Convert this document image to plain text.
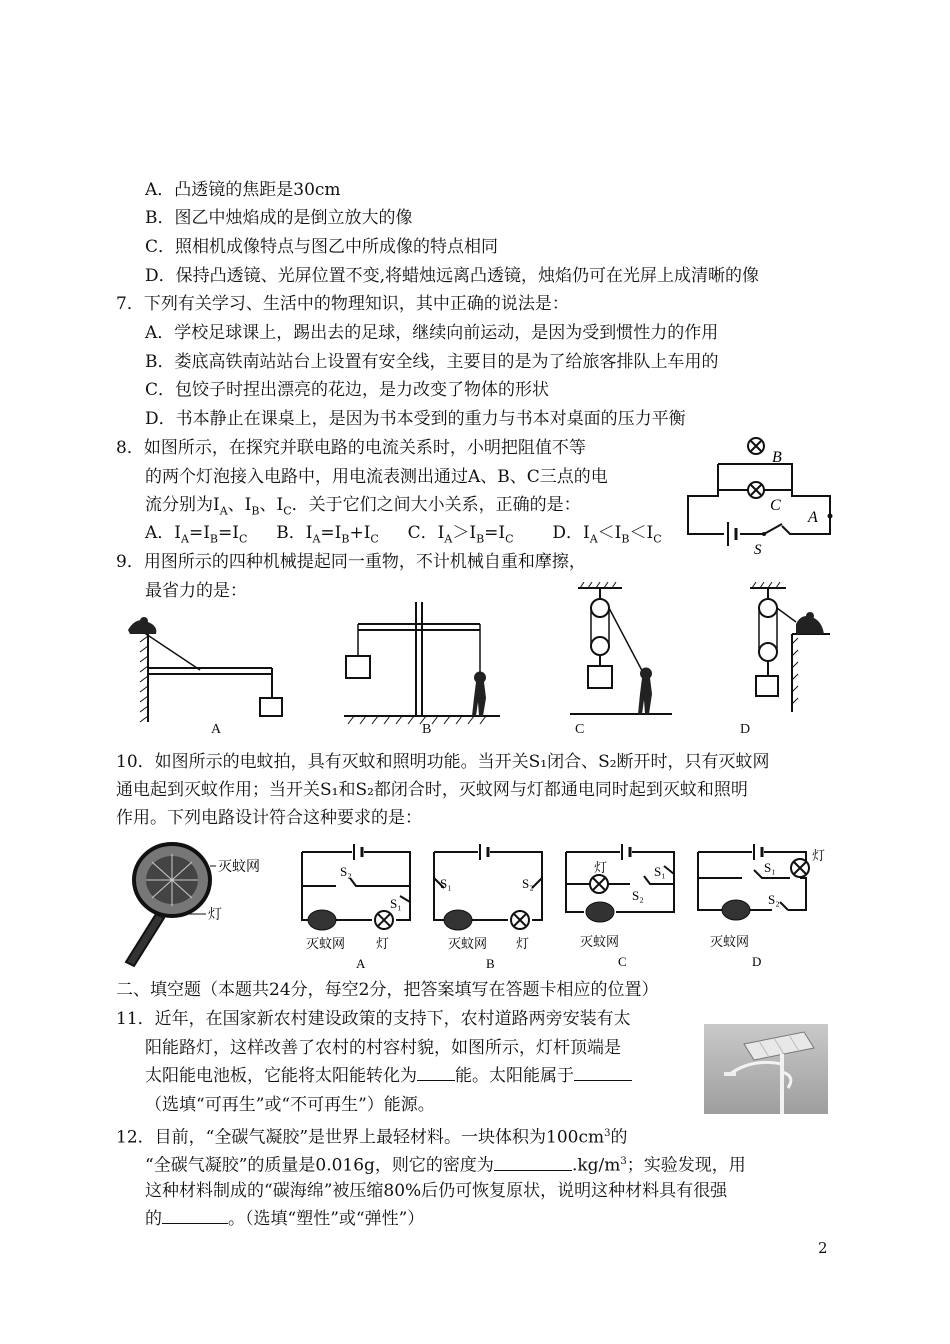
A．凸透镜的焦距是30cm
B．图乙中烛焰成的是倒立放大的像
C．照相机成像特点与图乙中所成像的特点相同
D．保持凸透镜、光屏位置不变,将蜡烛远离凸透镜，烛焰仍可在光屏上成清晰的像
7．下列有关学习、生活中的物理知识，其中正确的说法是：
A．学校足球课上，踢出去的足球，继续向前运动，是因为受到惯性力的作用
B．娄底高铁南站站台上设置有安全线，主要目的是为了给旅客排队上车用的
C．包饺子时捏出漂亮的花边，是力改变了物体的形状
D．书本静止在课桌上，是因为书本受到的重力与书本对桌面的压力平衡
8．如图所示，在探究并联电路的电流关系时，小明把阻值不等
的两个灯泡接入电路中，用电流表测出通过A、B、C三点的电
流分别为$I_A$、$I_B$、$I_C$．关于它们之间大小关系，正确的是：
A．$I_A=I_B=I_C$ B．$I_A=I_B+I_C$ C．$I_A>I_B=I_C$ D．$I_A<I_B<I_C$
B
C
A
S
9．用图所示的四种机械提起同一重物，不计机械自重和摩擦，
最省力的是：
A	B	C	D
10．如图所示的电蚊拍，具有灭蚊和照明功能。当开关S₁闭合、S₂断开时，只有灭蚊网
通电起到灭蚊作用；当开关S₁和S₂都闭合时，灭蚊网与灯都通电同时起到灭蚊和照明
作用。下列电路设计符合这种要求的是：
灭蚊网
灯
S₂
S₁
灭蚊网 灯
A
S₁	S₂
灭蚊网 灯
B
灯	S₁
S₂
灭蚊网
C
灯
S₁
S₂
灭蚊网
D
二、填空题（本题共24分，每空2分，把答案填写在答题卡相应的位置）
11．近年，在国家新农村建设政策的支持下，农村道路两旁安装有太
阳能路灯，这样改善了农村的村容村貌，如图所示，灯杆顶端是
太阳能电池板，它能将太阳能转化为 能。太阳能属于
（选填“可再生”或“不可再生”）能源。
12．目前，“全碳气凝胶”是世界上最轻材料。一块体积为$100cm^3$的
“全碳气凝胶”的质量是0.016g，则它的密度为	$.kg/m^3$；实验发现，用
这种材料制成的“碳海绵”被压缩80%后仍可恢复原状，说明这种材料具有很强
的	。（选填“塑性”或“弹性”）
2
